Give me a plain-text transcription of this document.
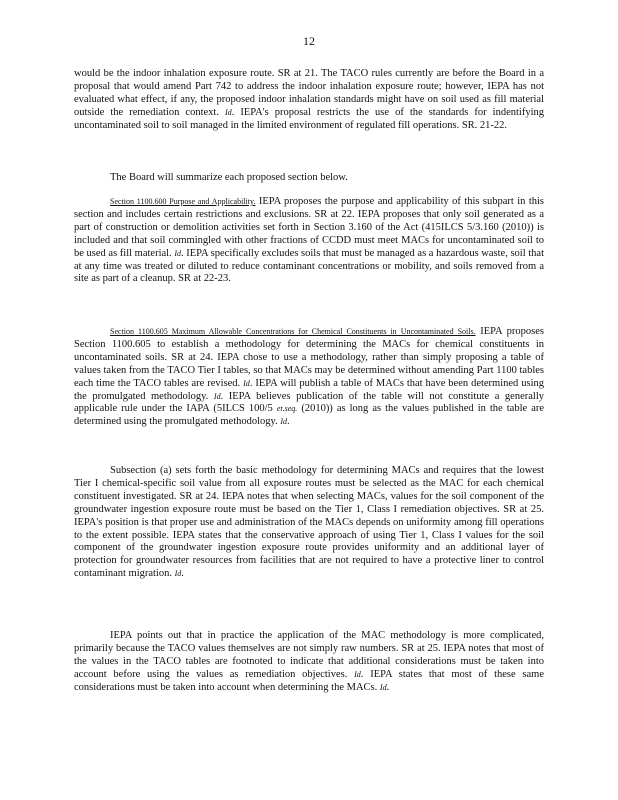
12

would be the indoor inhalation exposure route. SR at 21. The TACO rules currently are before the Board in a proposal that would amend Part 742 to address the indoor inhalation exposure route; however, IEPA has not evaluated what effect, if any, the proposed indoor inhalation standards might have on soil used as fill material outside the remediation context. Id. IEPA's proposal restricts the use of the standards for indentifying uncontaminated soil to soil managed in the limited environment of regulated fill operations. SR. 21-22.

The Board will summarize each proposed section below.

Section 1100.600 Purpose and Applicability. IEPA proposes the purpose and applicability of this subpart in this section and includes certain restrictions and exclusions. SR at 22. IEPA proposes that only soil generated as a part of construction or demolition activities set forth in Section 3.160 of the Act (415ILCS 5/3.160 (2010)) is included and that soil commingled with other fractions of CCDD must meet MACs for uncontaminated soil to be used as fill material. Id. IEPA specifically excludes soils that must be managed as a hazardous waste, soil that at any time was treated or diluted to reduce contaminant concentrations or mobility, and soils removed from a site as part of a cleanup. SR at 22-23.

Section 1100.605 Maximum Allowable Concentrations for Chemical Constituents in Uncontaminated Soils. IEPA proposes Section 1100.605 to establish a methodology for determining the MACs for chemical constituents in uncontaminated soils. SR at 24. IEPA chose to use a methodology, rather than simply proposing a table of values taken from the TACO Tier I tables, so that MACs may be determined without amending Part 1100 tables each time the TACO tables are revised. Id. IEPA will publish a table of MACs that have been determined using the promulgated methodology. Id. IEPA believes publication of the table will not constitute a generally applicable rule under the IAPA (5ILCS 100/5 et.seq. (2010)) as long as the values published in the table are determined using the promulgated methodology. Id.

Subsection (a) sets forth the basic methodology for determining MACs and requires that the lowest Tier I chemical-specific soil value from all exposure routes must be selected as the MAC for each chemical constituent investigated. SR at 24. IEPA notes that when selecting MACs, values for the soil component of the groundwater ingestion exposure route must be based on the Tier 1, Class I remediation objectives. SR at 25. IEPA's position is that proper use and administration of the MACs depends on uniformity among fill operations to the extent possible. IEPA states that the conservative approach of using Tier 1, Class I values for the soil component of the groundwater ingestion exposure route provides uniformity and an additional layer of protection for groundwater resources from facilities that are not required to have a protective liner to control contaminant migration. Id.

IEPA points out that in practice the application of the MAC methodology is more complicated, primarily because the TACO values themselves are not simply raw numbers. SR at 25. IEPA notes that most of the values in the TACO tables are footnoted to indicate that additional considerations must be taken into account before using the values as remediation objectives. Id. IEPA states that most of these same considerations must be taken into account when determining the MACs. Id.
